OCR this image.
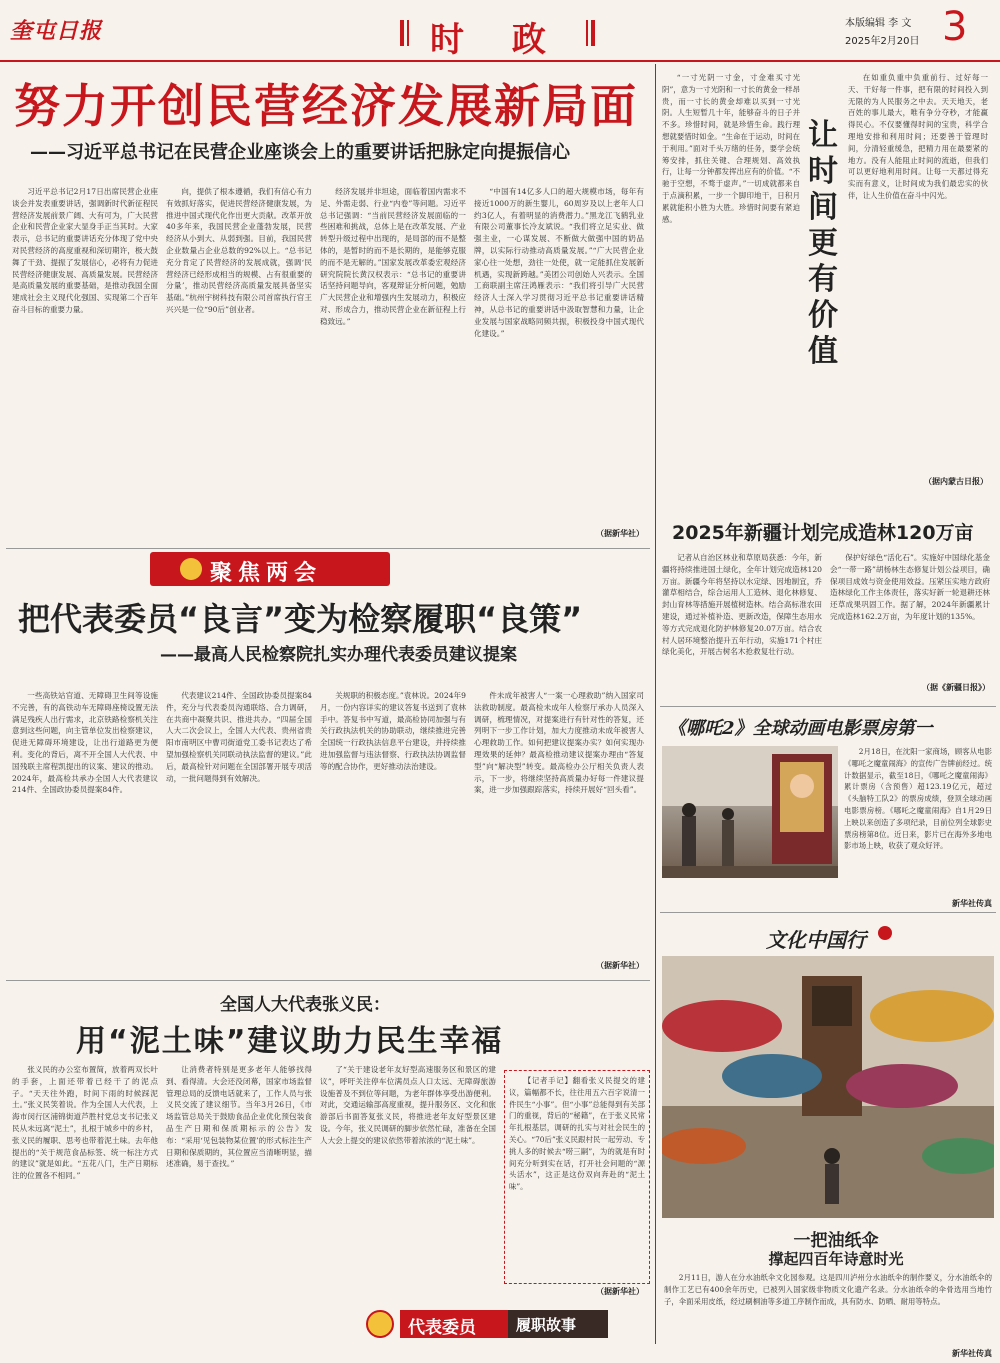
奎屯日报	时 政	本版编辑 李 文
2025年2月20日 3
努力开创民营经济发展新局面
——习近平总书记在民营企业座谈会上的重要讲话把脉定向提振信心

习近平总书记2月17日出席民营企业座谈会并发表重要讲话，强调新时代新征程民营经济发展前景广阔、大有可为，广大民营企业和民营企业家大显身手正当其时。大家表示，总书记的重要讲话充分体现了党中央对民营经济的高度重视和深切期许，极大鼓舞了干劲、提振了发展信心，必将有力促进民营经济健康发展、高质量发展。民营经济是高质量发展的重要基础，是推动我国全面建成社会主义现代化强国、实现第二个百年奋斗目标的重要力量。

向，提供了根本遵循，我们有信心有力有效抓好落实，促进民营经济健康发展，为推进中国式现代化作出更大贡献。改革开放40多年来，我国民营企业蓬勃发展，民营经济从小到大、从弱到强。目前，我国民营企业数量占企业总数的92%以上。“总书记充分肯定了民营经济的发展成就，强调‘民营经济已经形成相当的规模、占有很重要的分量’，推动民营经济高质量发展具备坚实基础。”杭州宇树科技有限公司首席执行官王兴兴是一位“90后”创业者。

经济发展并非坦途，面临着国内需求不足、外需走弱、行业“内卷”等问题。习近平总书记强调：“当前民营经济发展面临的一些困难和挑战，总体上是在改革发展、产业转型升级过程中出现的，是局部的而不是整体的，是暂时的而不是长期的，是能够克服的而不是无解的。”国家发展改革委宏观经济研究院院长黄汉权表示：“总书记的重要讲话坚持问题导向，客观辩证分析问题，勉励广大民营企业和增强内生发展动力，积极应对、形成合力，推动民营企业在新征程上行稳致远。”

“中国有14亿多人口的超大规模市场，每年有接近1000万的新生婴儿，60周岁及以上老年人口约3亿人，有着明显的消费潜力。”黑龙江飞鹤乳业有限公司董事长冷友斌说。“我们将立足实业、做强主业，一心谋发展、不断做大做强中国的奶品牌，以实际行动推动高质量发展。”“广大民营企业家心往一处想，劲往一处使，就一定能抓住发展新机遇，实现新跨越。”美团公司创始人兴表示。全国工商联副主席汪鸿雁表示：“我们将引导广大民营经济人士深入学习贯彻习近平总书记重要讲话精神，从总书记的重要讲话中汲取智慧和力量，让企业发展与国家战略同频共振，积极投身中国式现代化建设。”

（据新华社）

“一寸光阴一寸金，寸金难买寸光阴”，意为一寸光阴和一寸长的黄金一样昂贵，而一寸长的黄金却难以买到一寸光阴。人生短暂几十年，能够奋斗的日子并不多。珍惜时间，就是珍惜生命。践行理想就要惜时如金。“生命在于运动，时间在于利用。”面对千头万绪的任务，要学会统筹安排，抓住关键、合理规划、高效执行，让每一分钟都发挥出应有的价值。“不驰于空想，不骛于虚声。”一切成就都来自于点滴积累，一步一个脚印地干，日积月累就能积小胜为大胜。珍惜时间要有紧迫感。

让时间更有价值

在如重负重中负重前行、过好每一天、干好每一件事，把有限的时间投入到无限的为人民服务之中去。天天地天，老百姓的事儿最大，唯有争分夺秒，才能赢得民心。不仅要懂得时间的宝贵，科学合理地安排和利用时间；还要善于管理时间，分清轻重缓急，把精力用在最要紧的地方。没有人能阻止时间的流逝，但我们可以更好地利用时间。让每一天都过得充实而有意义，让时间成为我们最忠实的伙伴，让人生价值在奋斗中闪光。

（据内蒙古日报）
2025年新疆计划完成造林120万亩

记者从自治区林业和草原局获悉：今年，新疆将持续推进国土绿化，全年计划完成造林120万亩。新疆今年将坚持以水定绿、因地制宜，乔灌草相结合，综合运用人工造林、退化林修复、封山育林等措施开展植树造林。结合高标准农田建设，通过补植补造、更新改造，保障生态用水等方式完成退化防护林修复20.07万亩。结合农村人居环境整治提升五年行动，实施171个村庄绿化美化，开展古树名木抢救复壮行动。

保护好绿色“活化石”。实施好中国绿化基金会“一带一路”胡杨林生态修复计划公益项目，确保项目成效与资金使用效益。压紧压实地方政府造林绿化工作主体责任，落实好新一轮退耕还林还草成果巩固工作。据了解，2024年新疆累计完成造林162.2万亩，为年度计划的135%。

（据《新疆日报》）
《哪吒2》全球动画电影票房第一

2月18日，在沈阳一家商场，顾客从电影《哪吒之魔童闹海》的宣传广告牌前经过。统计数据显示，截至18日，《哪吒之魔童闹海》累计票房（含预售）超123.19亿元，超过《头脑特工队2》的票房成绩，登顶全球动画电影票房榜。《哪吒之魔童闹海》自1月29日上映以来创造了多项纪录，目前位列全球影史票房榜第8位。近日来，影片已在海外多地电影市场上映，收获了观众好评。

新华社传真
文化中国行
一把油纸伞
撑起四百年诗意时光

2月11日，游人在分水油纸伞文化园参观。这是四川泸州分水油纸伞的制作要义，分水油纸伞的制作工艺已有400余年历史，已被列入国家级非物质文化遗产名录。分水油纸伞的伞骨选用当地竹子，伞面采用皮纸，经过刷桐油等多道工序制作而成，具有防水、防晒、耐用等特点。

新华社传真
聚焦两会
把代表委员“良言”变为检察履职“良策”
——最高人民检察院扎实办理代表委员建议提案

一些高铁站官道、无障碍卫生间等设施不完善，有的高铁动车无障碍座椅设置无法满足残疾人出行需求，北京铁路检察机关注意到这些问题，向主管单位发出检察建议，促进无障碍环境建设，让出行道路更为便利。变化的背后，离不开全国人大代表、中国残联主席程凯提出的议案、建议的推动。2024年，最高检共承办全国人大代表建议214件、全国政协委员提案84件。

代表建议214件、全国政协委员提案84件，充分与代表委员沟通联络、合力调研，在共商中凝聚共识、推进共办。“四届全国人大二次会议上，全国人大代表、贵州省贵阳市南明区中曹司街道党工委书记表达了希望加强检察机关同联动执法监督的建议。”此后，最高检针对问题在全国部署开展专项活动，一批问题得到有效解决。

关规职的积极态度。”袁林说。2024年9月，一份内容详实的建议答复书送到了袁林手中。答复书中写道，最高检协同加强与有关行政执法机关的协助联动，继续推进完善全国统一行政执法信息平台建设，并持续推进加强监督与违法督察、行政执法协调监督等的配合协作，更好推动法治建设。

件未成年被害人“一案一心理救助”纳入国家司法救助制度。最高检未成年人检察厅承办人员深入调研，梳理情况，对提案进行有针对性的答复，还列明下一步工作计划，加大力度推动未成年被害人心理救助工作。如何把建议提案办实？如何实现办理效果的延伸？最高检推动建议提案办理由“答复型”向“解决型”转变。最高检办公厅相关负责人表示，下一步，将继续坚持高质量办好每一件建议提案，进一步加强跟踪落实，持续开展好“回头看”。

（据新华社）
全国人大代表张义民：
用“泥土味”建议助力民生幸福

张义民的办公室布置简，放着两双长叶的手套，上面还带着已经干了的泥点子。“天天往外跑，时间下雨的时候踩泥土。”张义民笑着说。作为全国人大代表，上海市闵行区浦锦街道芦胜村党总支书记张义民从未远离“泥土”，扎根于城乡中的乡村，张义民的履职、思考也带着泥土味。去年他提出的“关于规范食品标签、统一标注方式的建议”就是如此。“五花八门，生产日期标注的位置各不相同。”

让消费者特别是更多老年人能够找得到、看得清。大会还没闭幕，国家市场监督管理总局的反馈电话就来了，工作人员与张义民交流了建议细节。当年3月26日，《市场监管总局关于鼓励食品企业优化预包装食品生产日期和保质期标示的公告》发布：“采用‘见包装物某位置’的形式标注生产日期和保质期的，其位置应当清晰明显，描述准确，易于查找。”

了“关于建设老年友好型高速服务区和景区的建议”，呼吁关注停车位满员点人口太远、无障碍旅游设施普及不到位等问题，为老年群体享受出游便利。对此，交通运输部高度重视，提升服务区、文化和旅游部后书面答复张义民，将推进老年友好型景区建设。今年，张义民调研的脚步依然忙碌，准备在全国人大会上提交的建议依然带着浓浓的“泥土味”。

【记者手记】翻看张义民提交的建议，篇幅都不长，往往用五六百字说清一件民生“小事”。但“小事”总能得到有关部门的重视，背后的“秘籍”，在于张义民常年扎根基层，调研的扎实与对社会民生的关心。“70后”张义民跟村民一起劳动、专挑人多的时候去“唠三嗣”，为的就是有时间充分听到实在话，打开社会问题的“源头活水”，这正是这份双向奔赴的“泥土味”。

（据新华社）
代表委员	履职故事
